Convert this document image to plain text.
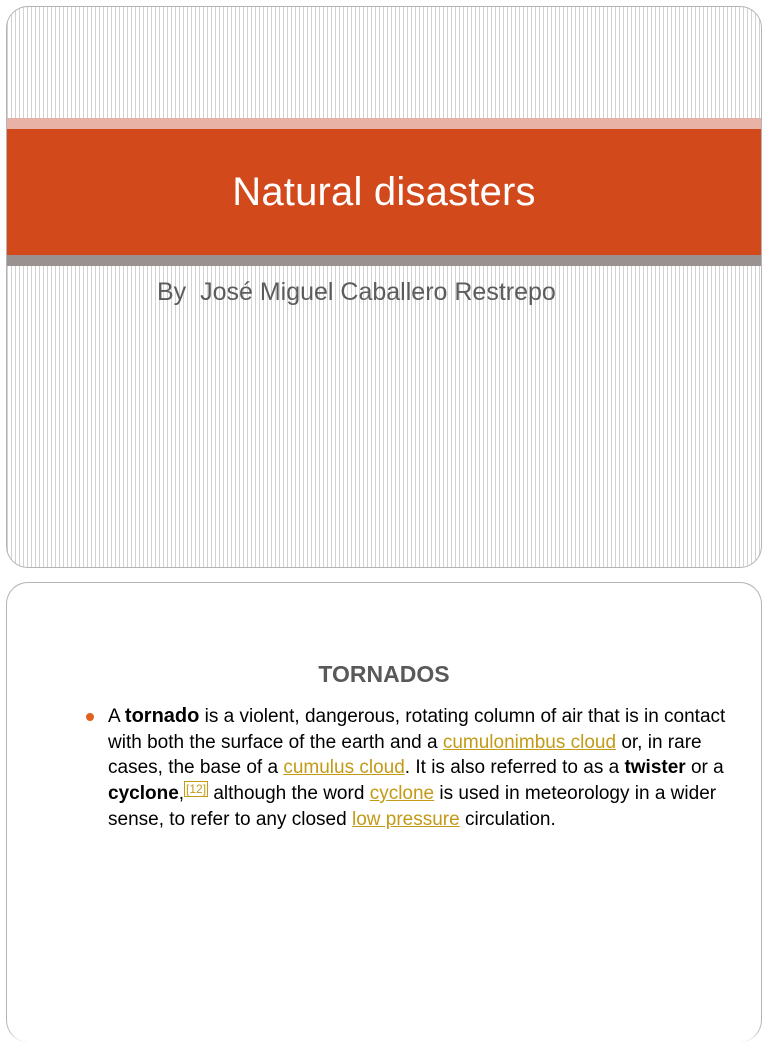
Natural disasters
By  José Miguel Caballero Restrepo
TORNADOS
A tornado is a violent, dangerous, rotating column of air that is in contact with both the surface of the earth and a cumulonimbus cloud or, in rare cases, the base of a cumulus cloud. It is also referred to as a twister or a cyclone, [12] although the word cyclone is used in meteorology in a wider sense, to refer to any closed low pressure circulation.
